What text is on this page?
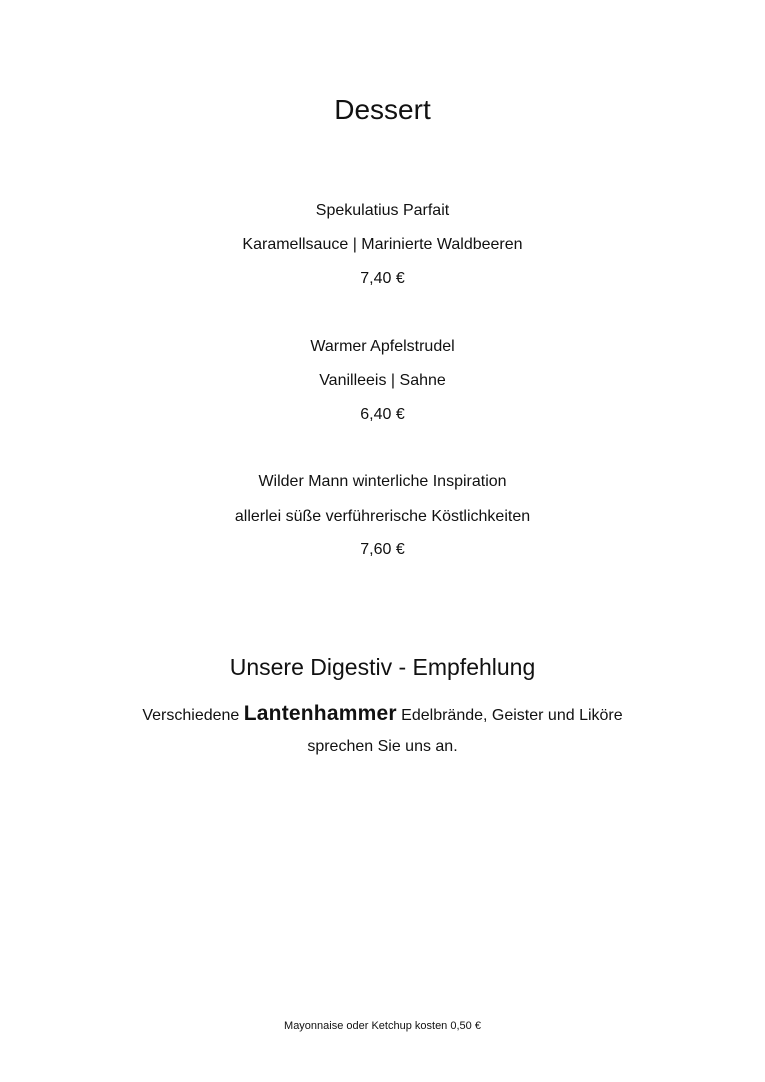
Dessert
Spekulatius Parfait
Karamellsauce | Marinierte Waldbeeren
7,40 €
Warmer Apfelstrudel
Vanilleeis | Sahne
6,40 €
Wilder Mann winterliche Inspiration
allerlei süße verführerische Köstlichkeiten
7,60 €
Unsere Digestiv - Empfehlung
Verschiedene Lantenhammer Edelbrände, Geister und Liköre
sprechen Sie uns an.
Mayonnaise oder Ketchup kosten 0,50 €
